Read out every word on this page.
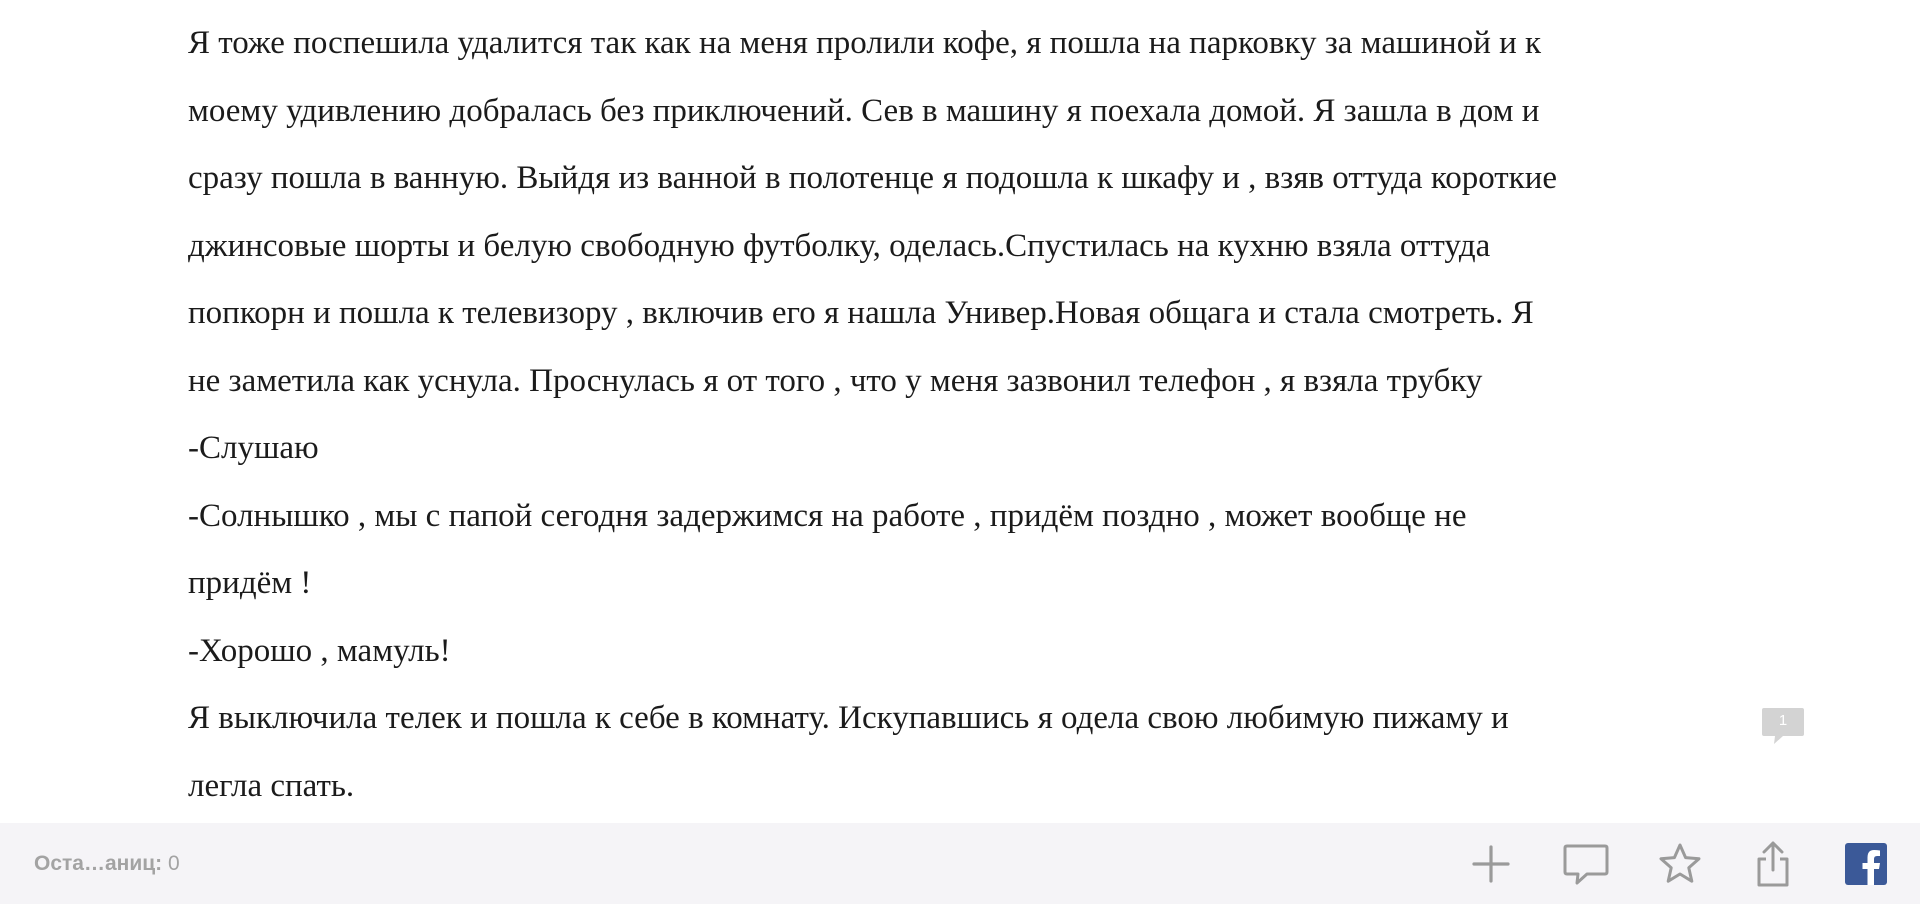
Я тоже поспешила удалится так как на меня пролили кофе, я пошла на парковку за машиной и к
моему удивлению добралась без приключений. Сев в машину я поехала домой. Я зашла в дом и
сразу пошла в ванную. Выйдя из ванной в полотенце я подошла к шкафу и , взяв оттуда короткие
джинсовые шорты и белую свободную футболку, оделась.Спустилась на кухню взяла оттуда
попкорн и пошла к телевизору , включив его я нашла Универ.Новая общага и стала смотреть. Я
не заметила как уснула. Проснулась я от того , что у меня зазвонил телефон , я взяла трубку
-Слушаю
-Солнышко , мы с папой сегодня задержимся на работе , придём поздно , может вообще не
придём !
-Хорошо , мамуль!
Я выключила телек и пошла к себе в комнату. Искупавшись я одела свою любимую пижаму и
легла спать.
1
Оста…аниц: 0
